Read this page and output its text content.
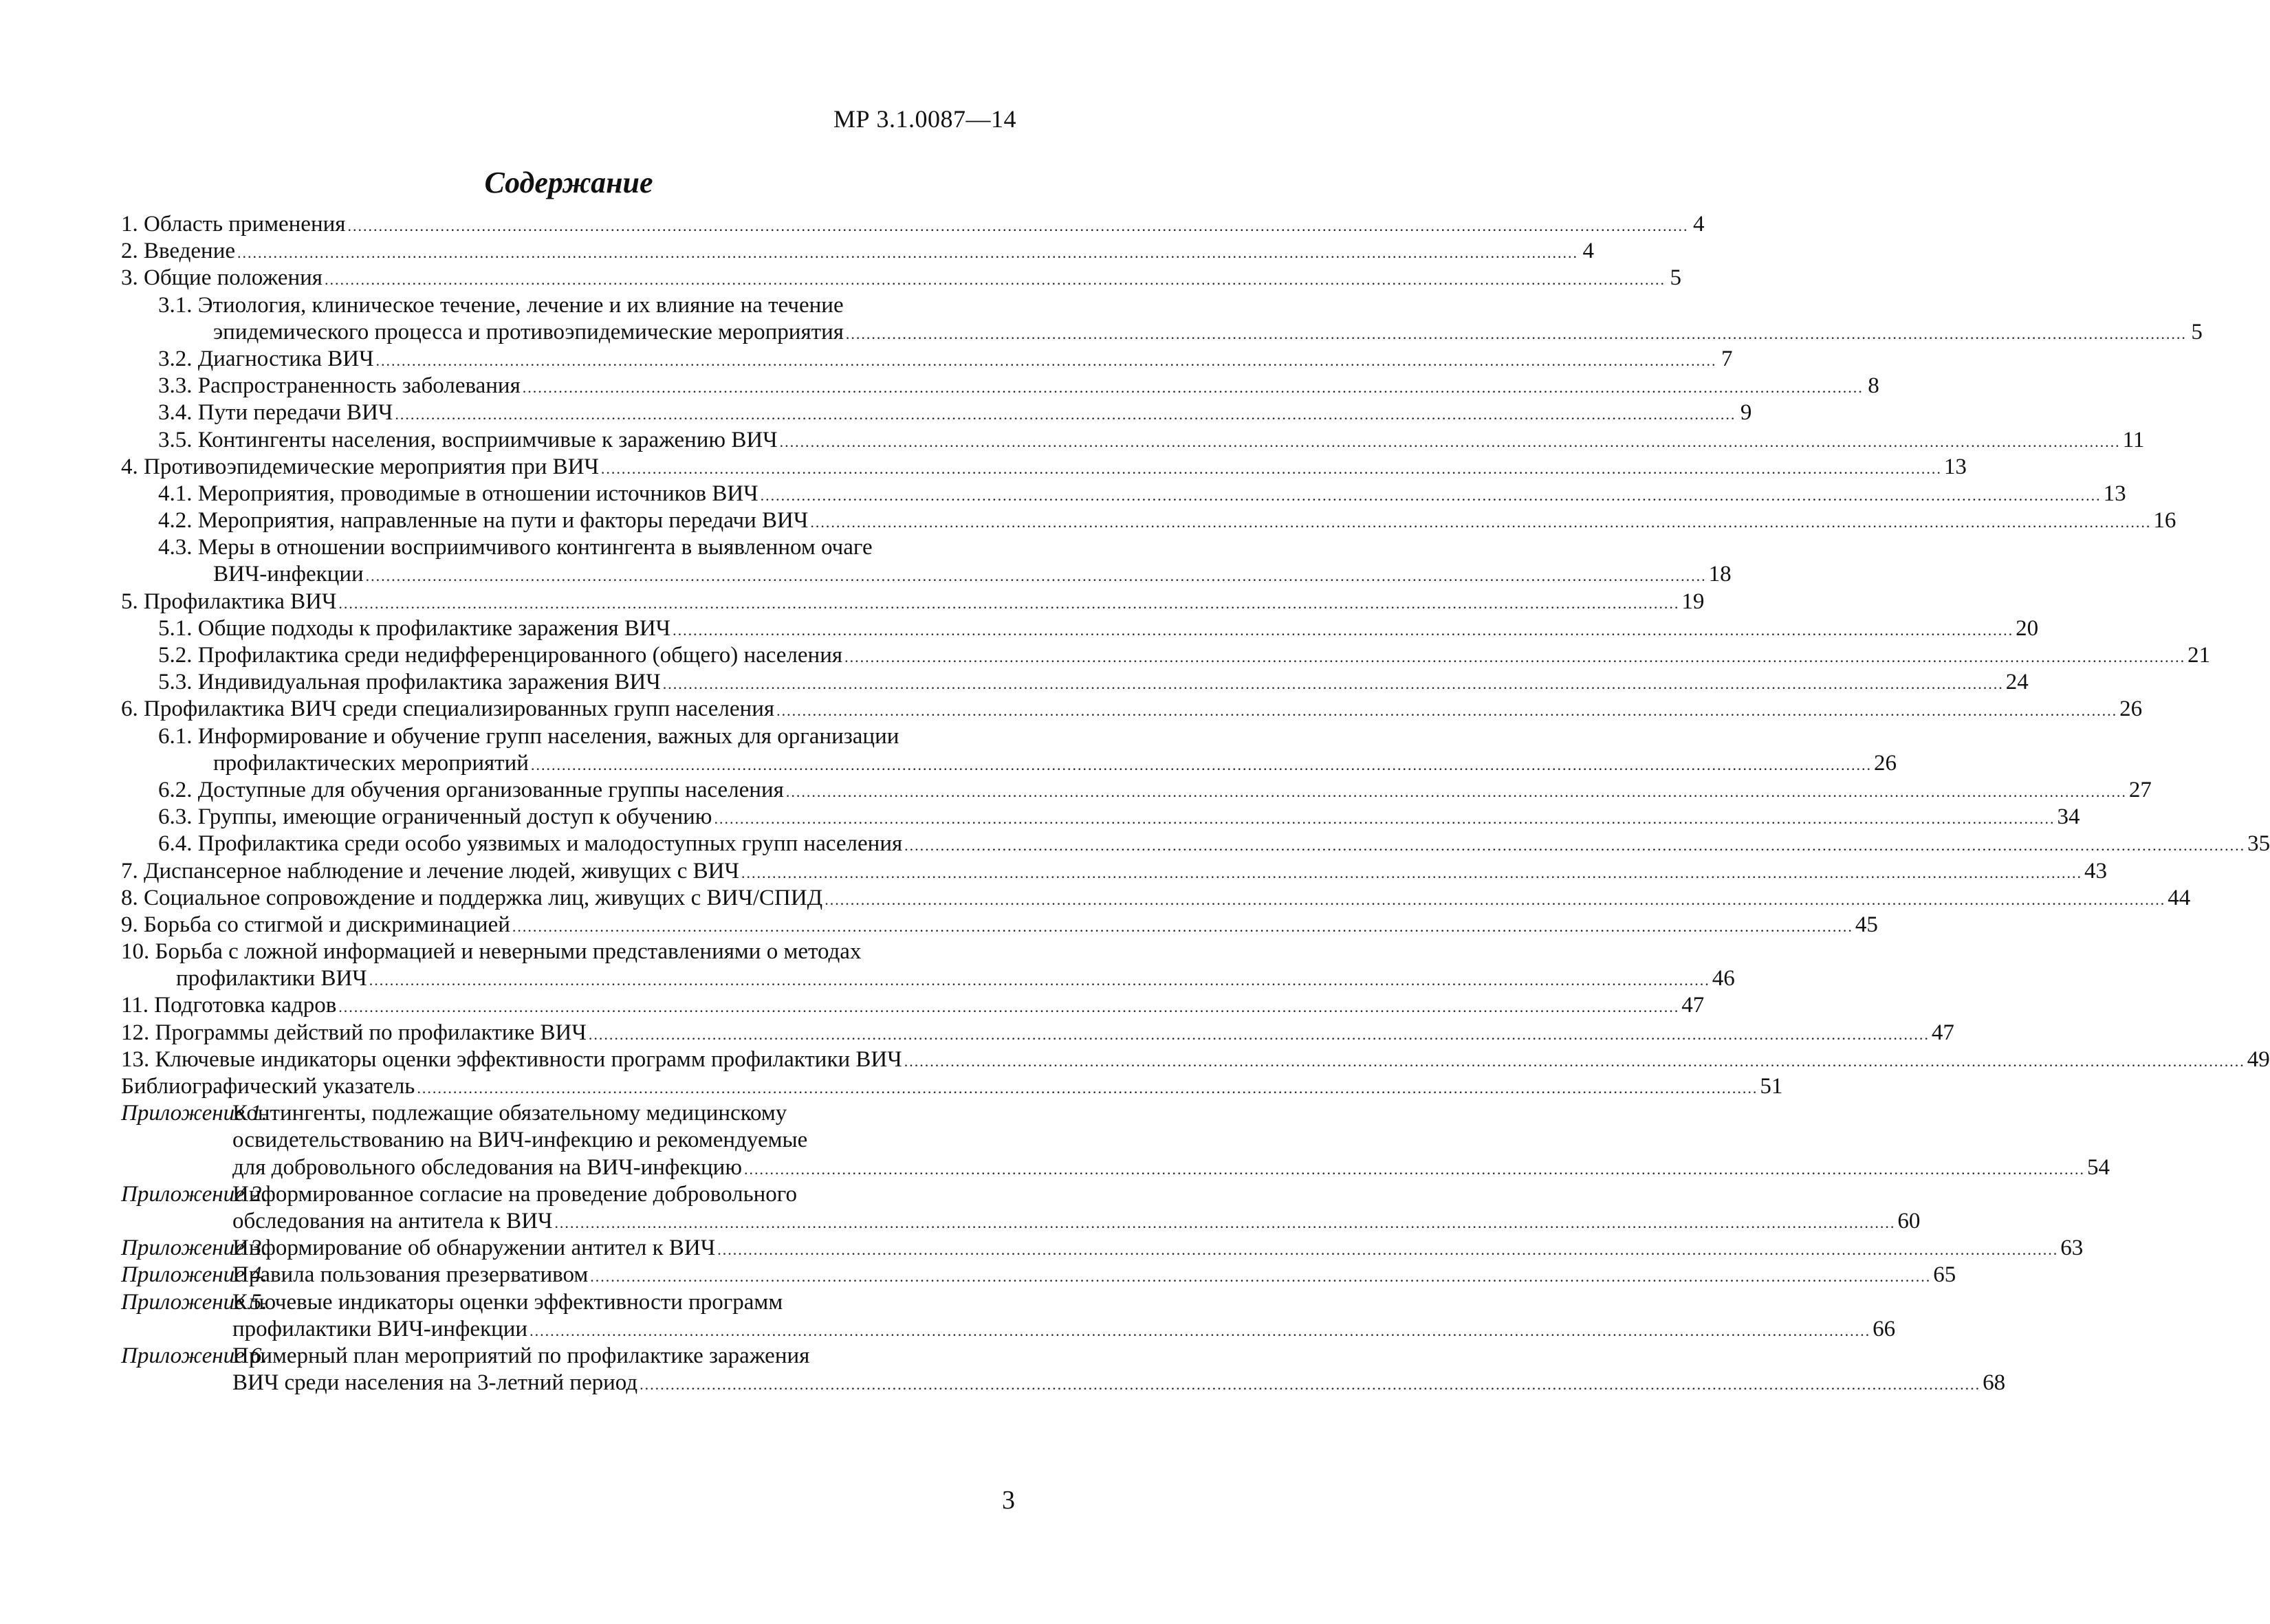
МР 3.1.0087—14
Содержание
1. Область применения .................................................................................................................................................................................................................................................................... 4
2. Введение .................................................................................................................................................................................................................................................................... 4
3. Общие положения .................................................................................................................................................................................................................................................................... 5
3.1. Этиология, клиническое течение, лечение и их влияние на течение
эпидемического процесса и противоэпидемические мероприятия .................................................................................................................................................................................................................................................................... 5
3.2. Диагностика ВИЧ .................................................................................................................................................................................................................................................................... 7
3.3. Распространенность заболевания .................................................................................................................................................................................................................................................................... 8
3.4. Пути передачи ВИЧ .................................................................................................................................................................................................................................................................... 9
3.5. Контингенты населения, восприимчивые к заражению ВИЧ .................................................................................................................................................................................................................................................................... 11
4. Противоэпидемические мероприятия при ВИЧ .................................................................................................................................................................................................................................................................... 13
4.1. Мероприятия, проводимые в отношении источников ВИЧ .................................................................................................................................................................................................................................................................... 13
4.2. Мероприятия, направленные на пути и факторы передачи ВИЧ .................................................................................................................................................................................................................................................................... 16
4.3. Меры в отношении восприимчивого контингента в выявленном очаге
ВИЧ-инфекции .................................................................................................................................................................................................................................................................... 18
5. Профилактика ВИЧ .................................................................................................................................................................................................................................................................... 19
5.1. Общие подходы к профилактике заражения ВИЧ .................................................................................................................................................................................................................................................................... 20
5.2. Профилактика среди недифференцированного (общего) населения .................................................................................................................................................................................................................................................................... 21
5.3. Индивидуальная профилактика заражения ВИЧ .................................................................................................................................................................................................................................................................... 24
6. Профилактика ВИЧ среди специализированных групп населения .................................................................................................................................................................................................................................................................... 26
6.1. Информирование и обучение групп населения, важных для организации
профилактических мероприятий .................................................................................................................................................................................................................................................................... 26
6.2. Доступные для обучения организованные группы населения .................................................................................................................................................................................................................................................................... 27
6.3. Группы, имеющие ограниченный доступ к обучению .................................................................................................................................................................................................................................................................... 34
6.4. Профилактика среди особо уязвимых и малодоступных групп населения .................................................................................................................................................................................................................................................................... 35
7. Диспансерное наблюдение и лечение людей, живущих с ВИЧ .................................................................................................................................................................................................................................................................... 43
8. Социальное сопровождение и поддержка лиц, живущих с ВИЧ/СПИД .................................................................................................................................................................................................................................................................... 44
9. Борьба со стигмой и дискриминацией .................................................................................................................................................................................................................................................................... 45
10. Борьба с ложной информацией и неверными представлениями о методах
профилактики ВИЧ .................................................................................................................................................................................................................................................................... 46
11. Подготовка кадров .................................................................................................................................................................................................................................................................... 47
12. Программы действий по профилактике ВИЧ .................................................................................................................................................................................................................................................................... 47
13. Ключевые индикаторы оценки эффективности программ профилактики ВИЧ .................................................................................................................................................................................................................................................................... 49
Библиографический указатель .................................................................................................................................................................................................................................................................... 51
Приложение 1.
Контингенты, подлежащие обязательному медицинскому
освидетельствованию на ВИЧ-инфекцию и рекомендуемые
для добровольного обследования на ВИЧ-инфекцию .................................................................................................................................................................................................................................................................... 54
Приложение 2.
Информированное согласие на проведение добровольного
обследования на антитела к ВИЧ .................................................................................................................................................................................................................................................................... 60
Приложение 3.
Информирование об обнаружении антител к ВИЧ .................................................................................................................................................................................................................................................................... 63
Приложение 4.
Правила пользования презервативом .................................................................................................................................................................................................................................................................... 65
Приложение 5.
Ключевые индикаторы оценки эффективности программ
профилактики ВИЧ-инфекции .................................................................................................................................................................................................................................................................... 66
Приложение 6.
Примерный план мероприятий по профилактике заражения
ВИЧ среди населения на 3-летний период .................................................................................................................................................................................................................................................................... 68
3
